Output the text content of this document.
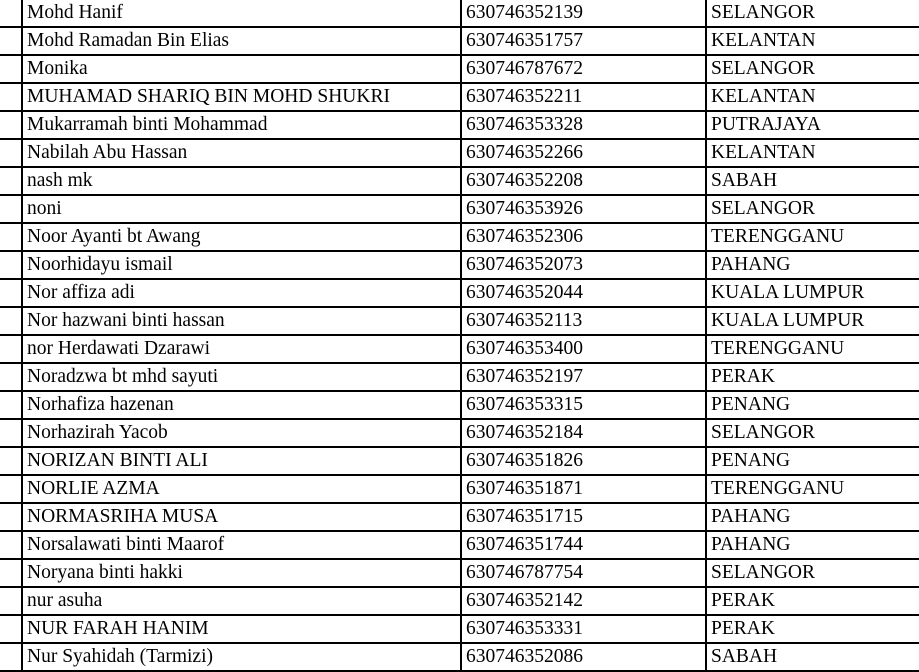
	Mohd Hanif	630746352139	SELANGOR
	Mohd Ramadan Bin Elias	630746351757	KELANTAN
	Monika	630746787672	SELANGOR
	MUHAMAD SHARIQ BIN MOHD SHUKRI	630746352211	KELANTAN
	Mukarramah binti Mohammad	630746353328	PUTRAJAYA
	Nabilah Abu Hassan	630746352266	KELANTAN
	nash mk	630746352208	SABAH
	noni	630746353926	SELANGOR
	Noor Ayanti bt Awang	630746352306	TERENGGANU
	Noorhidayu ismail	630746352073	PAHANG
	Nor affiza adi	630746352044	KUALA LUMPUR
	Nor hazwani binti hassan	630746352113	KUALA LUMPUR
	nor Herdawati Dzarawi	630746353400	TERENGGANU
	Noradzwa bt mhd sayuti	630746352197	PERAK
	Norhafiza hazenan	630746353315	PENANG
	Norhazirah Yacob	630746352184	SELANGOR
	NORIZAN BINTI ALI	630746351826	PENANG
	NORLIE AZMA	630746351871	TERENGGANU
	NORMASRIHA MUSA	630746351715	PAHANG
	Norsalawati binti Maarof	630746351744	PAHANG
	Noryana binti hakki	630746787754	SELANGOR
	nur asuha	630746352142	PERAK
	NUR FARAH HANIM	630746353331	PERAK
	Nur Syahidah (Tarmizi)	630746352086	SABAH
